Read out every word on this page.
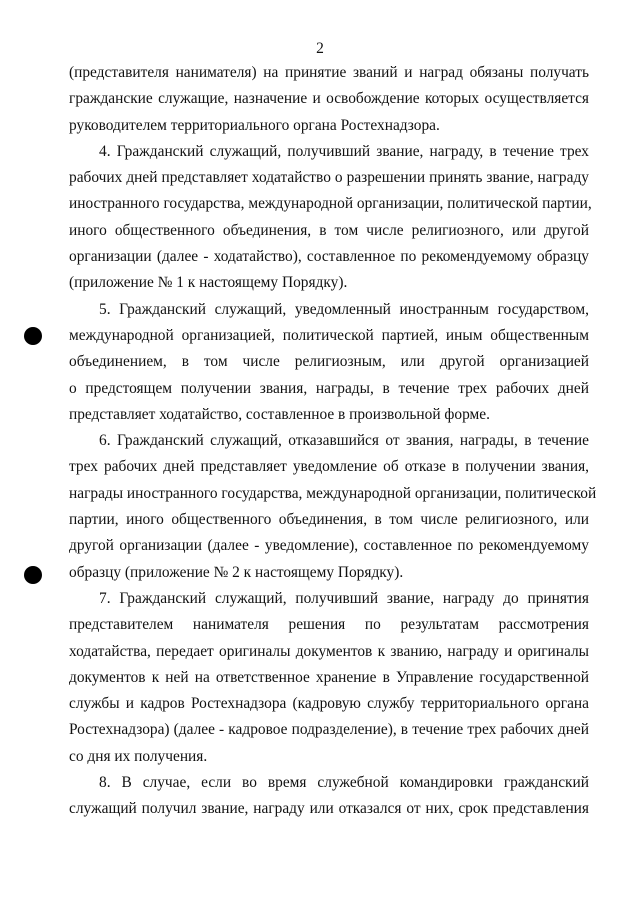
2
(представителя нанимателя) на принятие званий и наград обязаны получать
гражданские служащие, назначение и освобождение которых осуществляется
руководителем территориального органа Ростехнадзора.
4. Гражданский служащий, получивший звание, награду, в течение трех
рабочих дней представляет ходатайство о разрешении принять звание, награду
иностранного государства, международной организации, политической партии,
иного общественного объединения, в том числе религиозного, или другой
организации (далее - ходатайство), составленное по рекомендуемому образцу
(приложение № 1 к настоящему Порядку).
5. Гражданский служащий, уведомленный иностранным государством,
международной организацией, политической партией, иным общественным
объединением, в том числе религиозным, или другой организацией
о предстоящем получении звания, награды, в течение трех рабочих дней
представляет ходатайство, составленное в произвольной форме.
6. Гражданский служащий, отказавшийся от звания, награды, в течение
трех рабочих дней представляет уведомление об отказе в получении звания,
награды иностранного государства, международной организации, политической
партии, иного общественного объединения, в том числе религиозного, или
другой организации (далее - уведомление), составленное по рекомендуемому
образцу (приложение № 2 к настоящему Порядку).
7. Гражданский служащий, получивший звание, награду до принятия
представителем нанимателя решения по результатам рассмотрения
ходатайства, передает оригиналы документов к званию, награду и оригиналы
документов к ней на ответственное хранение в Управление государственной
службы и кадров Ростехнадзора (кадровую службу территориального органа
Ростехнадзора) (далее - кадровое подразделение), в течение трех рабочих дней
со дня их получения.
8. В случае, если во время служебной командировки гражданский
служащий получил звание, награду или отказался от них, срок представления
